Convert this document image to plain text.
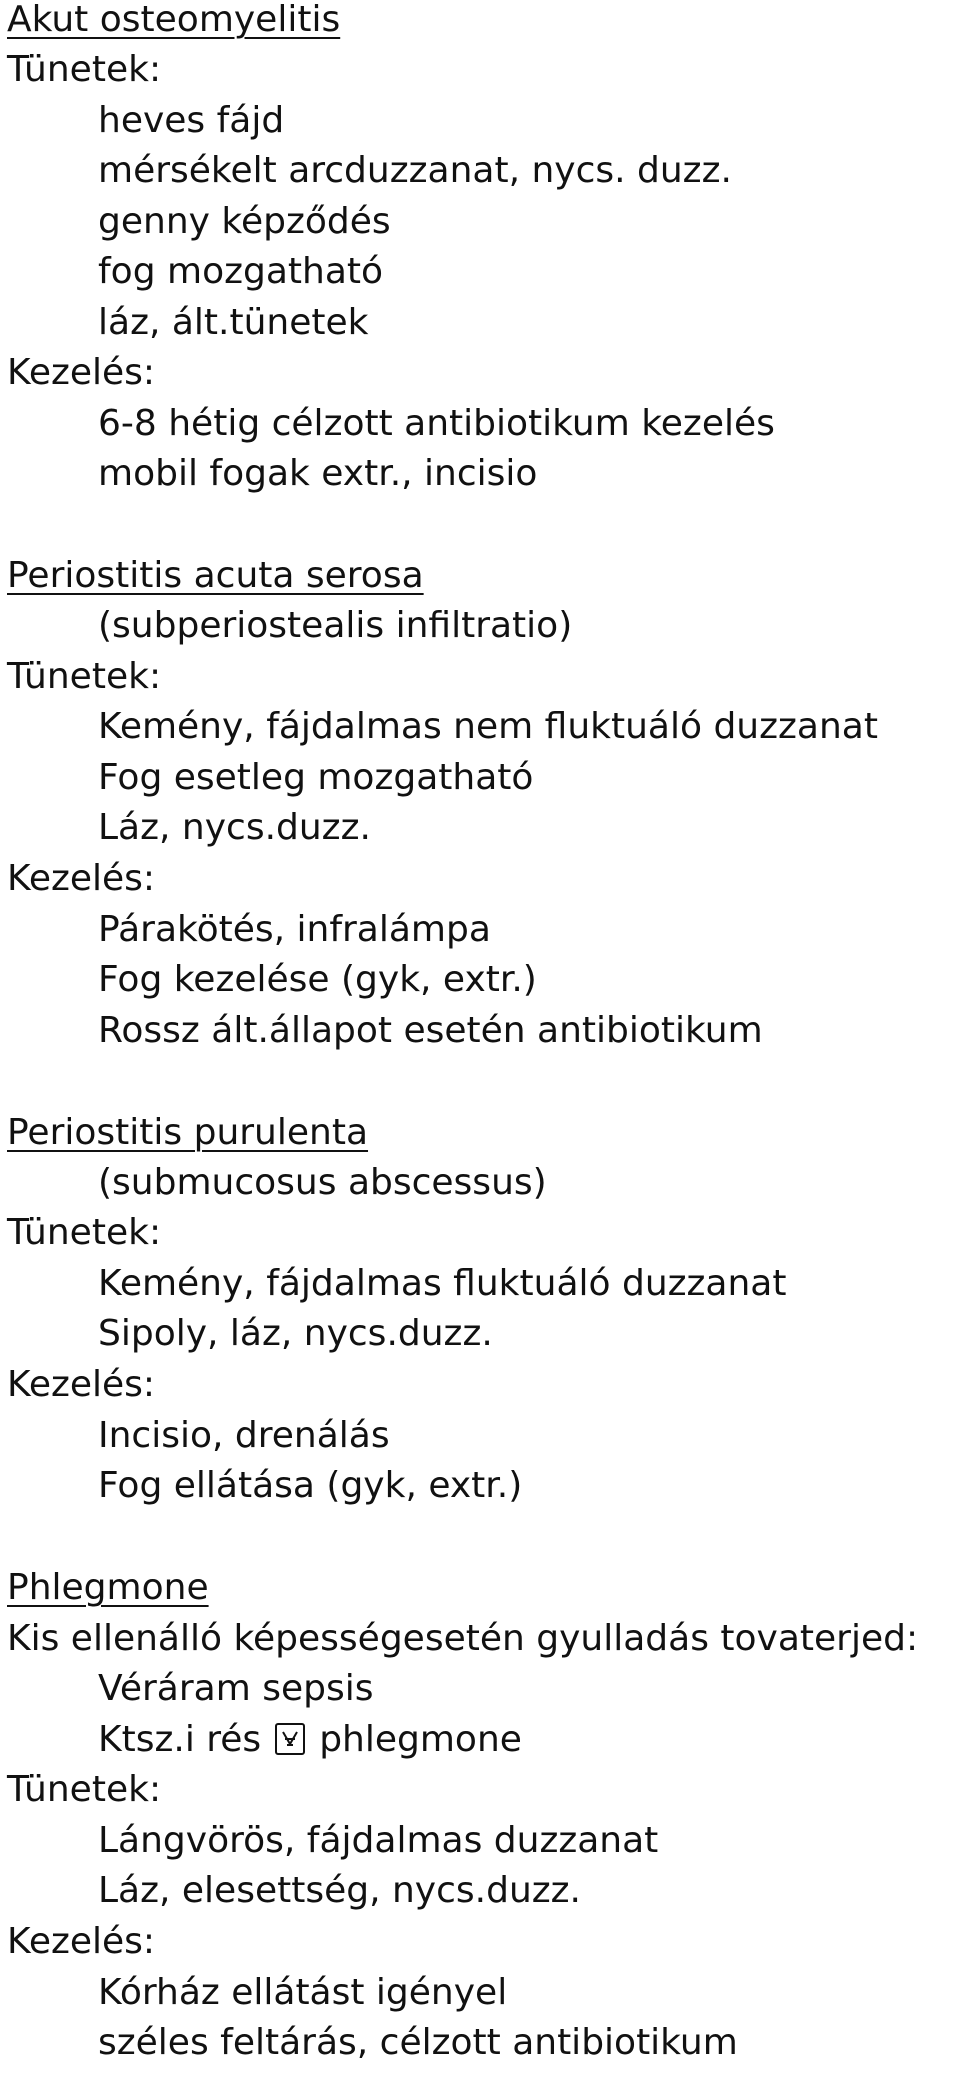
Akut osteomyelitis
Tünetek:
heves fájd
mérsékelt arcduzzanat, nycs. duzz.
genny képződés
fog mozgatható
láz, ált.tünetek
Kezelés:
6-8 hétig célzott antibiotikum kezelés
mobil fogak extr., incisio
Periostitis acuta serosa
(subperiostealis infiltratio)
Tünetek:
Kemény, fájdalmas nem fluktuáló duzzanat
Fog esetleg mozgatható
Láz, nycs.duzz.
Kezelés:
Párakötés, infralámpa
Fog kezelése (gyk, extr.)
Rossz ált.állapot esetén antibiotikum
Periostitis purulenta
(submucosus abscessus)
Tünetek:
Kemény, fájdalmas fluktuáló duzzanat
Sipoly, láz, nycs.duzz.
Kezelés:
Incisio, drenálás
Fog ellátása (gyk, extr.)
Phlegmone
Kis ellenálló képességesetén gyulladás tovaterjed:
Véráram sepsis
Ktsz.i rés phlegmone
Tünetek:
Lángvörös, fájdalmas duzzanat
Láz, elesettség, nycs.duzz.
Kezelés:
Kórház ellátást igényel
széles feltárás, célzott antibiotikum
